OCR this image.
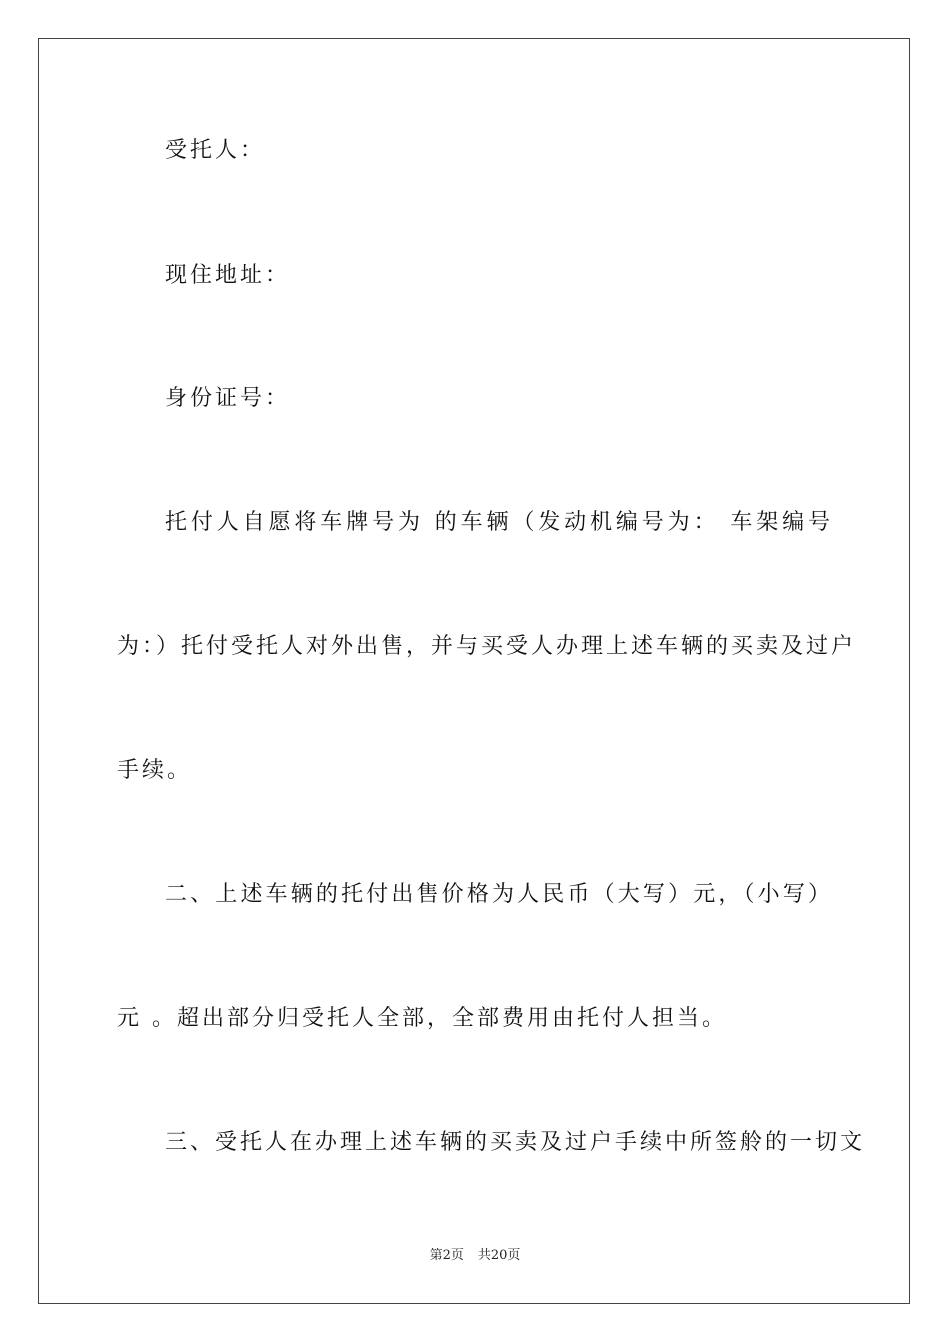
受托人：
现住地址：
身份证号：
托付人自愿将车牌号为 的车辆（发动机编号为： 车架编号
为：）托付受托人对外出售，并与买受人办理上述车辆的买卖及过户
手续。
二、上述车辆的托付出售价格为人民币（大写）元，（小写）
元 。超出部分归受托人全部，全部费用由托付人担当。
三、受托人在办理上述车辆的买卖及过户手续中所签舲的一切文
第2页 共20页
